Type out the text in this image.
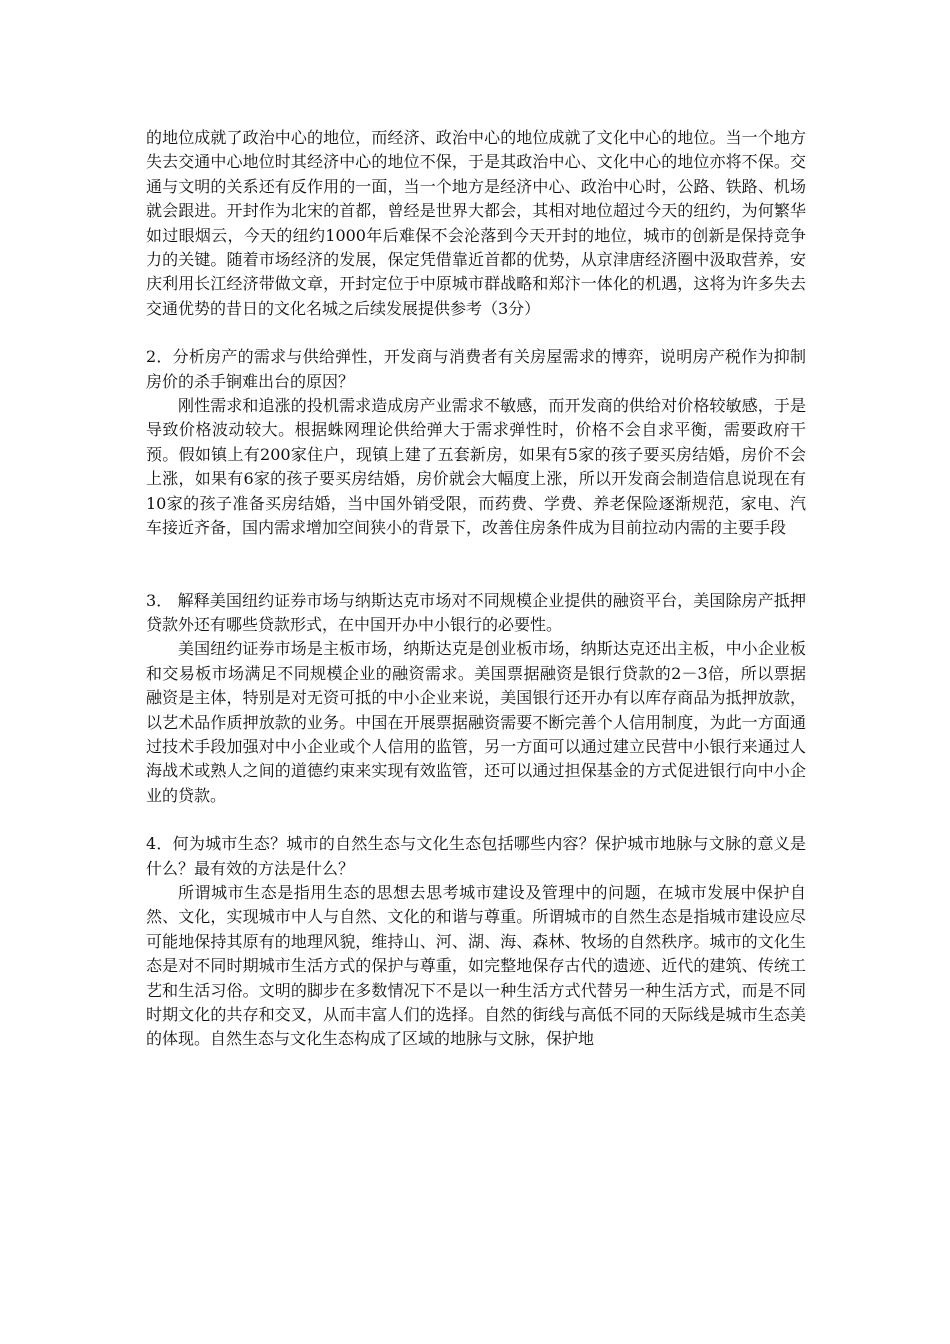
的地位成就了政治中心的地位，而经济、政治中心的地位成就了文化中心的地位。当一个地方失去交通中心地位时其经济中心的地位不保，于是其政治中心、文化中心的地位亦将不保。交通与文明的关系还有反作用的一面，当一个地方是经济中心、政治中心时，公路、铁路、机场就会跟进。开封作为北宋的首都，曾经是世界大都会，其相对地位超过今天的纽约，为何繁华如过眼烟云，今天的纽约1000年后难保不会沦落到今天开封的地位，城市的创新是保持竞争力的关键。随着市场经济的发展，保定凭借靠近首都的优势，从京津唐经济圈中汲取营养，安庆利用长江经济带做文章，开封定位于中原城市群战略和郑汴一体化的机遇，这将为许多失去交通优势的昔日的文化名城之后续发展提供参考（3分）

2．分析房产的需求与供给弹性，开发商与消费者有关房屋需求的博弈，说明房产税作为抑制房价的杀手锏难出台的原因？

刚性需求和追涨的投机需求造成房产业需求不敏感，而开发商的供给对价格较敏感，于是导致价格波动较大。根据蛛网理论供给弹大于需求弹性时，价格不会自求平衡，需要政府干预。假如镇上有200家住户，现镇上建了五套新房，如果有5家的孩子要买房结婚，房价不会上涨，如果有6家的孩子要买房结婚，房价就会大幅度上涨，所以开发商会制造信息说现在有10家的孩子准备买房结婚，当中国外销受限，而药费、学费、养老保险逐渐规范，家电、汽车接近齐备，国内需求增加空间狭小的背景下，改善住房条件成为目前拉动内需的主要手段

3． 解释美国纽约证券市场与纳斯达克市场对不同规模企业提供的融资平台，美国除房产抵押贷款外还有哪些贷款形式，在中国开办中小银行的必要性。

美国纽约证券市场是主板市场，纳斯达克是创业板市场，纳斯达克还出主板，中小企业板和交易板市场满足不同规模企业的融资需求。美国票据融资是银行贷款的2－3倍，所以票据融资是主体，特别是对无资可抵的中小企业来说，美国银行还开办有以库存商品为抵押放款，以艺术品作质押放款的业务。中国在开展票据融资需要不断完善个人信用制度，为此一方面通过技术手段加强对中小企业或个人信用的监管，另一方面可以通过建立民营中小银行来通过人海战术或熟人之间的道德约束来实现有效监管，还可以通过担保基金的方式促进银行向中小企业的贷款。

4．何为城市生态？城市的自然生态与文化生态包括哪些内容？保护城市地脉与文脉的意义是什么？最有效的方法是什么？

所谓城市生态是指用生态的思想去思考城市建设及管理中的问题，在城市发展中保护自然、文化，实现城市中人与自然、文化的和谐与尊重。所谓城市的自然生态是指城市建设应尽可能地保持其原有的地理风貌，维持山、河、湖、海、森林、牧场的自然秩序。城市的文化生态是对不同时期城市生活方式的保护与尊重，如完整地保存古代的遗迹、近代的建筑、传统工艺和生活习俗。文明的脚步在多数情况下不是以一种生活方式代替另一种生活方式，而是不同时期文化的共存和交叉，从而丰富人们的选择。自然的街线与高低不同的天际线是城市生态美的体现。自然生态与文化生态构成了区域的地脉与文脉，保护地
